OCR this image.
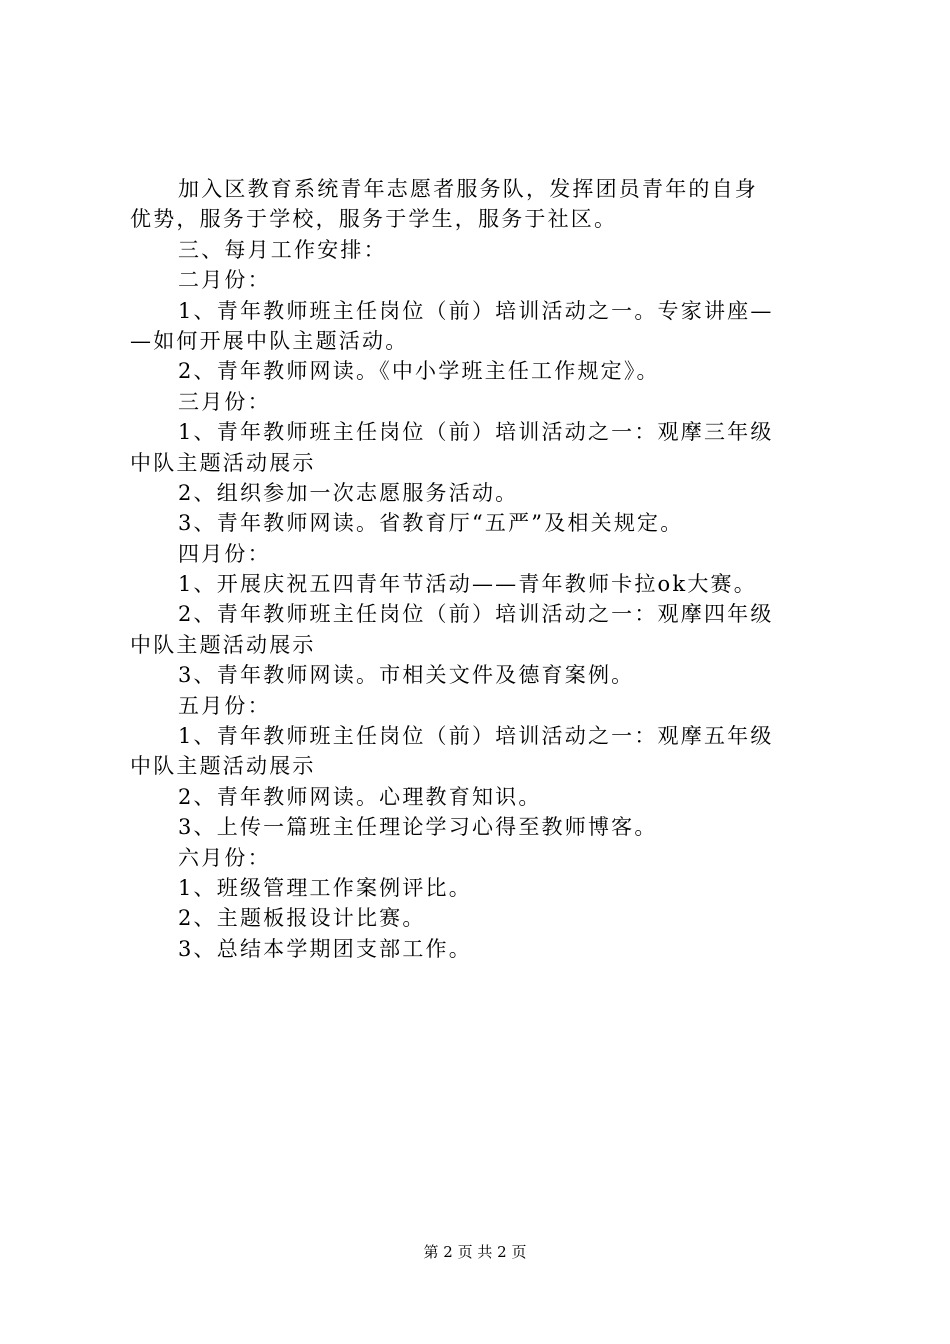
加入区教育系统青年志愿者服务队，发挥团员青年的自身
优势，服务于学校，服务于学生，服务于社区。
三、每月工作安排：
二月份：
1、青年教师班主任岗位（前）培训活动之一。专家讲座—
—如何开展中队主题活动。
2、青年教师网读。《中小学班主任工作规定》。
三月份：
1、青年教师班主任岗位（前）培训活动之一：观摩三年级
中队主题活动展示
2、组织参加一次志愿服务活动。
3、青年教师网读。省教育厅“五严”及相关规定。
四月份：
1、开展庆祝五四青年节活动——青年教师卡拉ok大赛。
2、青年教师班主任岗位（前）培训活动之一：观摩四年级
中队主题活动展示
3、青年教师网读。市相关文件及德育案例。
五月份：
1、青年教师班主任岗位（前）培训活动之一：观摩五年级
中队主题活动展示
2、青年教师网读。心理教育知识。
3、上传一篇班主任理论学习心得至教师博客。
六月份：
1、班级管理工作案例评比。
2、主题板报设计比赛。
3、总结本学期团支部工作。
第 2 页 共 2 页
